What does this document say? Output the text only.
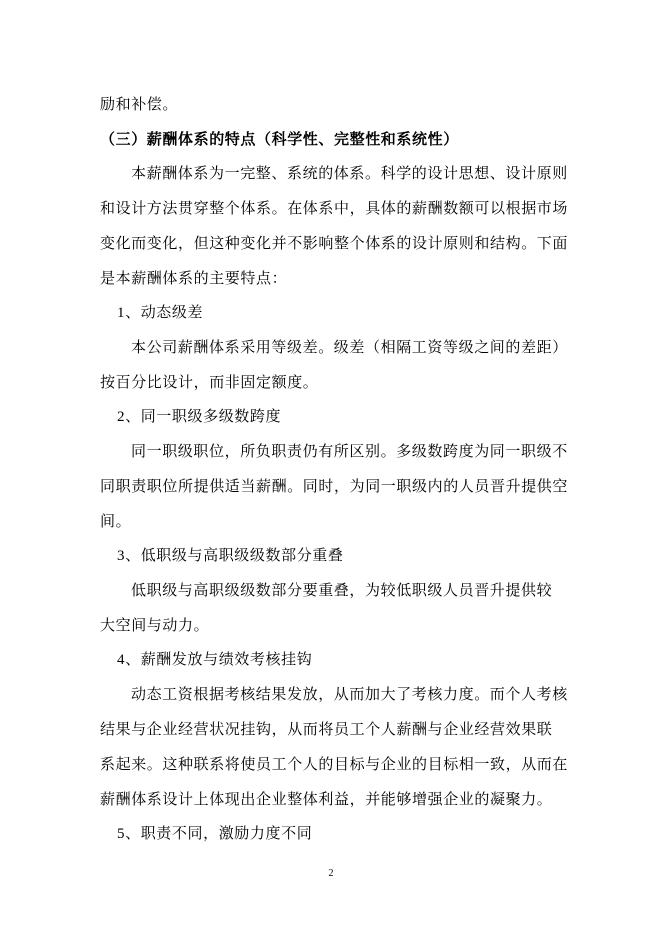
励和补偿。
（三）薪酬体系的特点（科学性、完整性和系统性）
本薪酬体系为一完整、系统的体系。科学的设计思想、设计原则
和设计方法贯穿整个体系。在体系中，具体的薪酬数额可以根据市场
变化而变化，但这种变化并不影响整个体系的设计原则和结构。下面
是本薪酬体系的主要特点：
1、动态级差
本公司薪酬体系采用等级差。级差（相隔工资等级之间的差距）
按百分比设计，而非固定额度。
2、同一职级多级数跨度
同一职级职位，所负职责仍有所区别。多级数跨度为同一职级不
同职责职位所提供适当薪酬。同时，为同一职级内的人员晋升提供空
间。
3、低职级与高职级级数部分重叠
低职级与高职级级数部分要重叠，为较低职级人员晋升提供较
大空间与动力。
4、薪酬发放与绩效考核挂钩
动态工资根据考核结果发放，从而加大了考核力度。而个人考核
结果与企业经营状况挂钩，从而将员工个人薪酬与企业经营效果联
系起来。这种联系将使员工个人的目标与企业的目标相一致，从而在
薪酬体系设计上体现出企业整体利益，并能够增强企业的凝聚力。
5、职责不同，激励力度不同
2
